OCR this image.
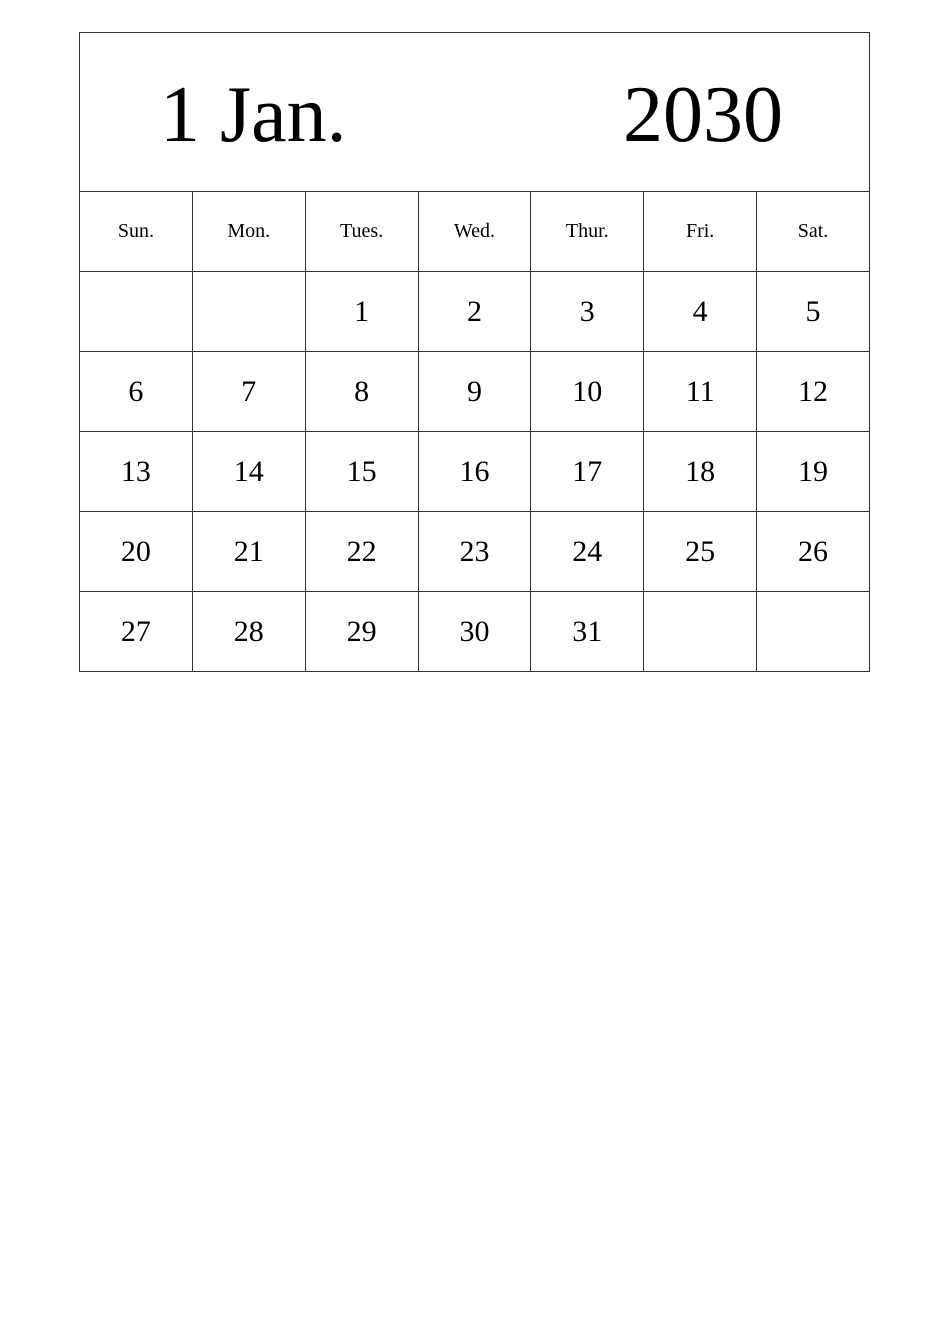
1 Jan. 2030						

Sun.	Mon.	Tues.	Wed.	Thur.	Fri.	Sat.
		1	2	3	4	5
6	7	8	9	10	11	12
13	14	15	16	17	18	19
20	21	22	23	24	25	26
27	28	29	30	31		
